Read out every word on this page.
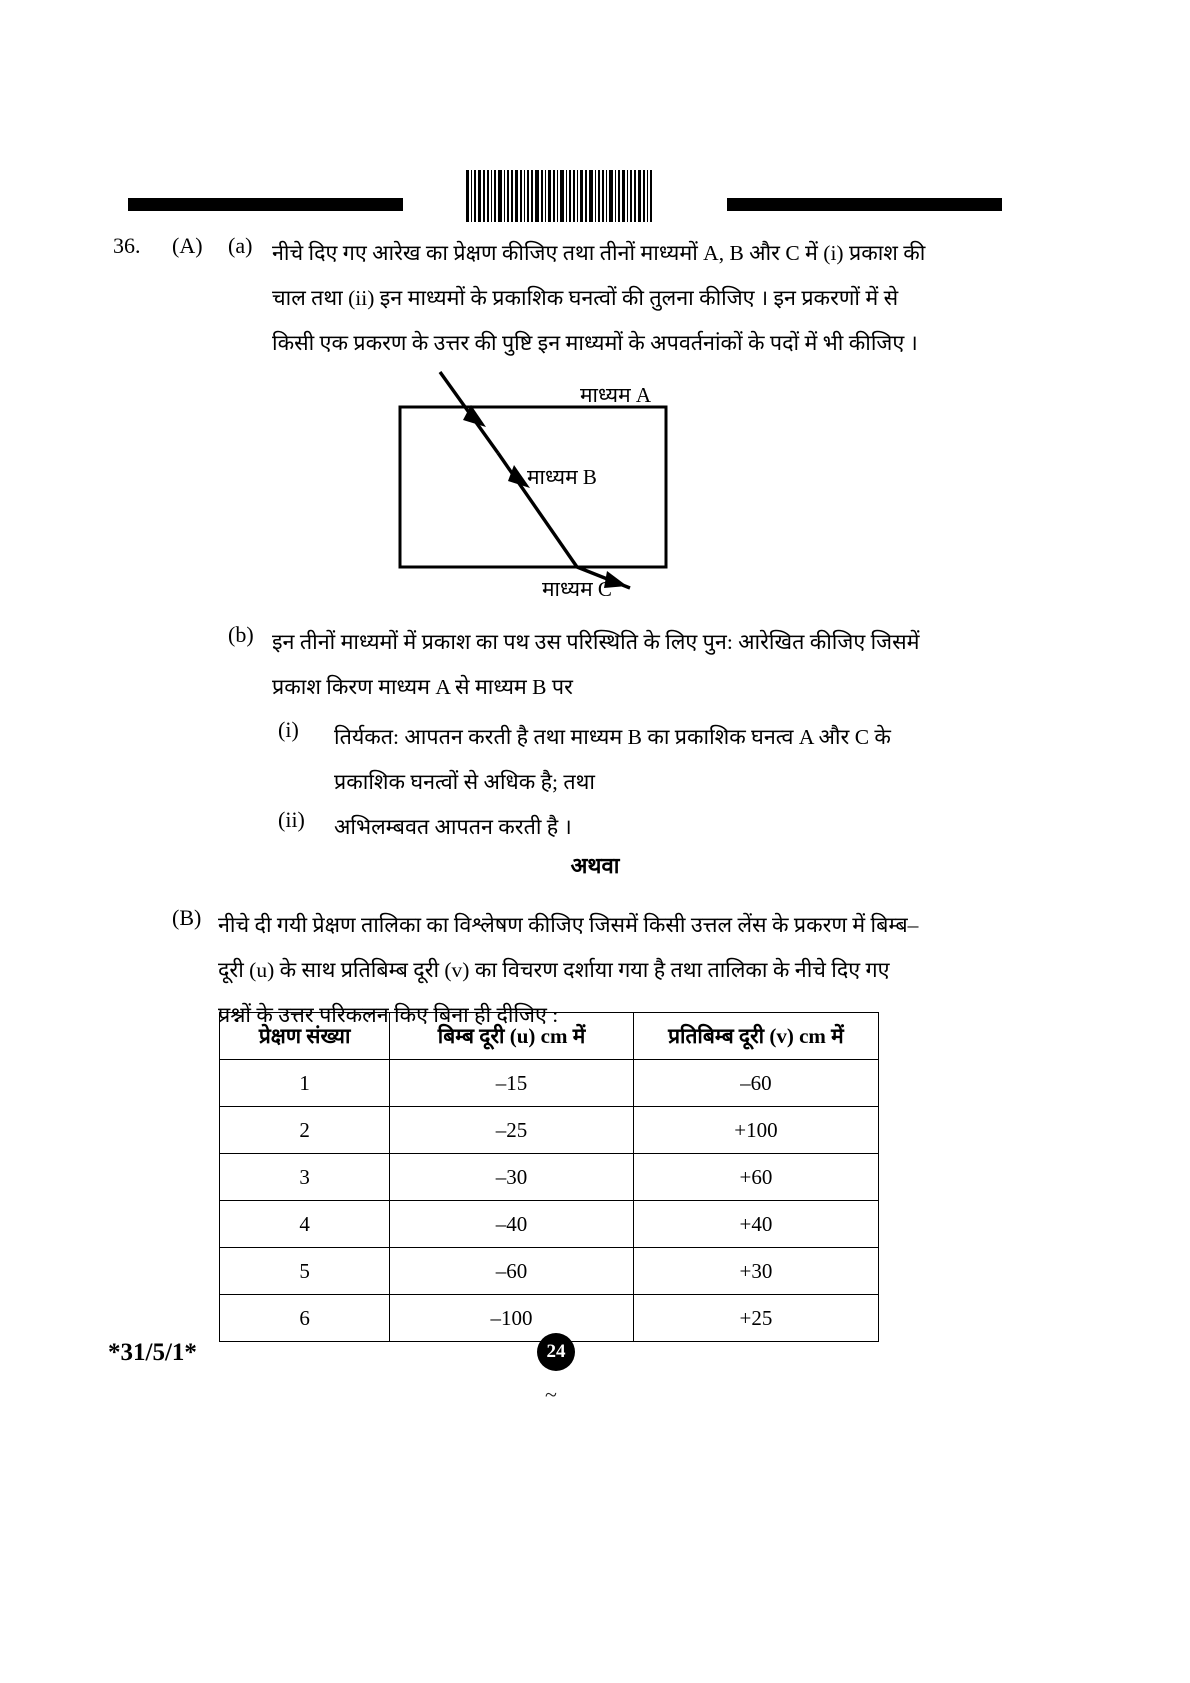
36. (A) (a) नीचे दिए गए आरेख का प्रेक्षण कीजिए तथा तीनों माध्यमों A, B और C में (i) प्रकाश की

चाल तथा (ii) इन माध्यमों के प्रकाशिक घनत्वों की तुलना कीजिए । इन प्रकरणों में से

किसी एक प्रकरण के उत्तर की पुष्टि इन माध्यमों के अपवर्तनांकों के पदों में भी कीजिए ।

माध्यम A
माध्यम B
माध्यम C
(b) इन तीनों माध्यमों में प्रकाश का पथ उस परिस्थिति के लिए पुन: आरेखित कीजिए जिसमें

प्रकाश किरण माध्यम A से माध्यम B पर

(i) तिर्यकत: आपतन करती है तथा माध्यम B का प्रकाशिक घनत्व A और C के

प्रकाशिक घनत्वों से अधिक है; तथा

(ii) अभिलम्बवत आपतन करती है ।

अथवा
(B) नीचे दी गयी प्रेक्षण तालिका का विश्लेषण कीजिए जिसमें किसी उत्तल लेंस के प्रकरण में बिम्ब–

दूरी (u) के साथ प्रतिबिम्ब दूरी (v) का विचरण दर्शाया गया है तथा तालिका के नीचे दिए गए

प्रश्नों के उत्तर परिकलन किए बिना ही दीजिए :

प्रेक्षण संख्या	बिम्ब दूरी (u) cm में	प्रतिबिम्ब दूरी (v) cm में
1	–15	–60
2	–25	+100
3	–30	+60
4	–40	+40
5	–60	+30
6	–100	+25
*31/5/1*	24
~
